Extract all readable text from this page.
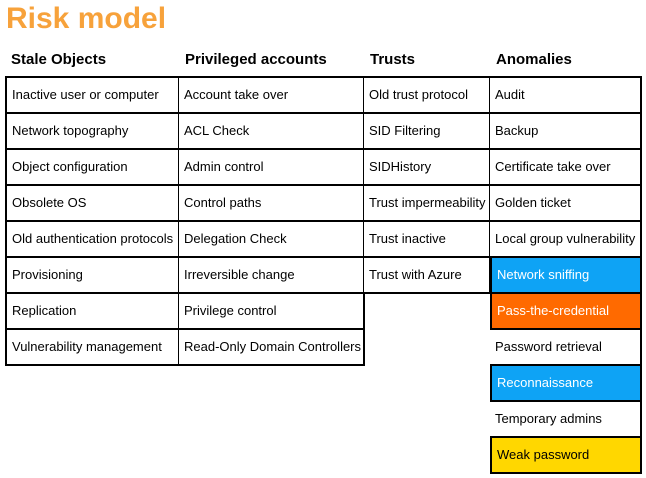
Risk model
Stale Objects
Inactive user or computer
Network topography
Object configuration
Obsolete OS
Old authentication protocols
Provisioning
Replication
Vulnerability management
Privileged accounts
Account take over
ACL Check
Admin control
Control paths
Delegation Check
Irreversible change
Privilege control
Read-Only Domain Controllers
Trusts
Old trust protocol
SID Filtering
SIDHistory
Trust impermeability
Trust inactive
Trust with Azure
Anomalies
Audit
Backup
Certificate take over
Golden ticket
Local group vulnerability
Network sniffing
Pass-the-credential
Password retrieval
Reconnaissance
Temporary admins
Weak password
